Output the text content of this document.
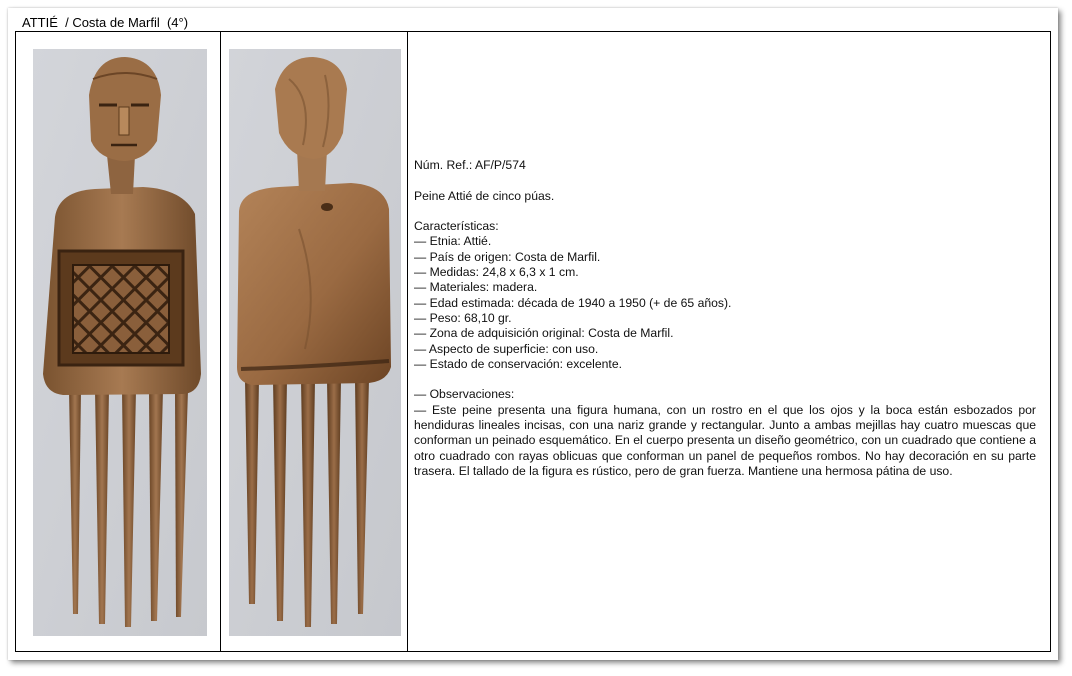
ATTIÉ  / Costa de Marfil  (4°)

Núm. Ref.: AF/P/574

Peine Attié de cinco púas.

Características:

— Etnia: Attié.

— País de origen: Costa de Marfil.

— Medidas: 24,8 x 6,3 x 1 cm.

— Materiales: madera.

— Edad estimada: década de 1940 a 1950 (+ de 65 años).

— Peso: 68,10 gr.

— Zona de adquisición original: Costa de Marfil.

— Aspecto de superficie: con uso.

— Estado de conservación: excelente.

— Observaciones:

— Este peine presenta una figura humana, con un rostro en el que los ojos y la boca están esbozados por hendiduras lineales incisas, con una nariz grande y rectangular. Junto a ambas mejillas hay cuatro muescas que conforman un peinado esquemático. En el cuerpo presenta un diseño geométrico, con un cuadrado que contiene a otro cuadrado con rayas oblicuas que conforman un panel de pequeños rombos. No hay decoración en su parte trasera. El tallado de la figura es rústico, pero de gran fuerza. Mantiene una hermosa pátina de uso.
